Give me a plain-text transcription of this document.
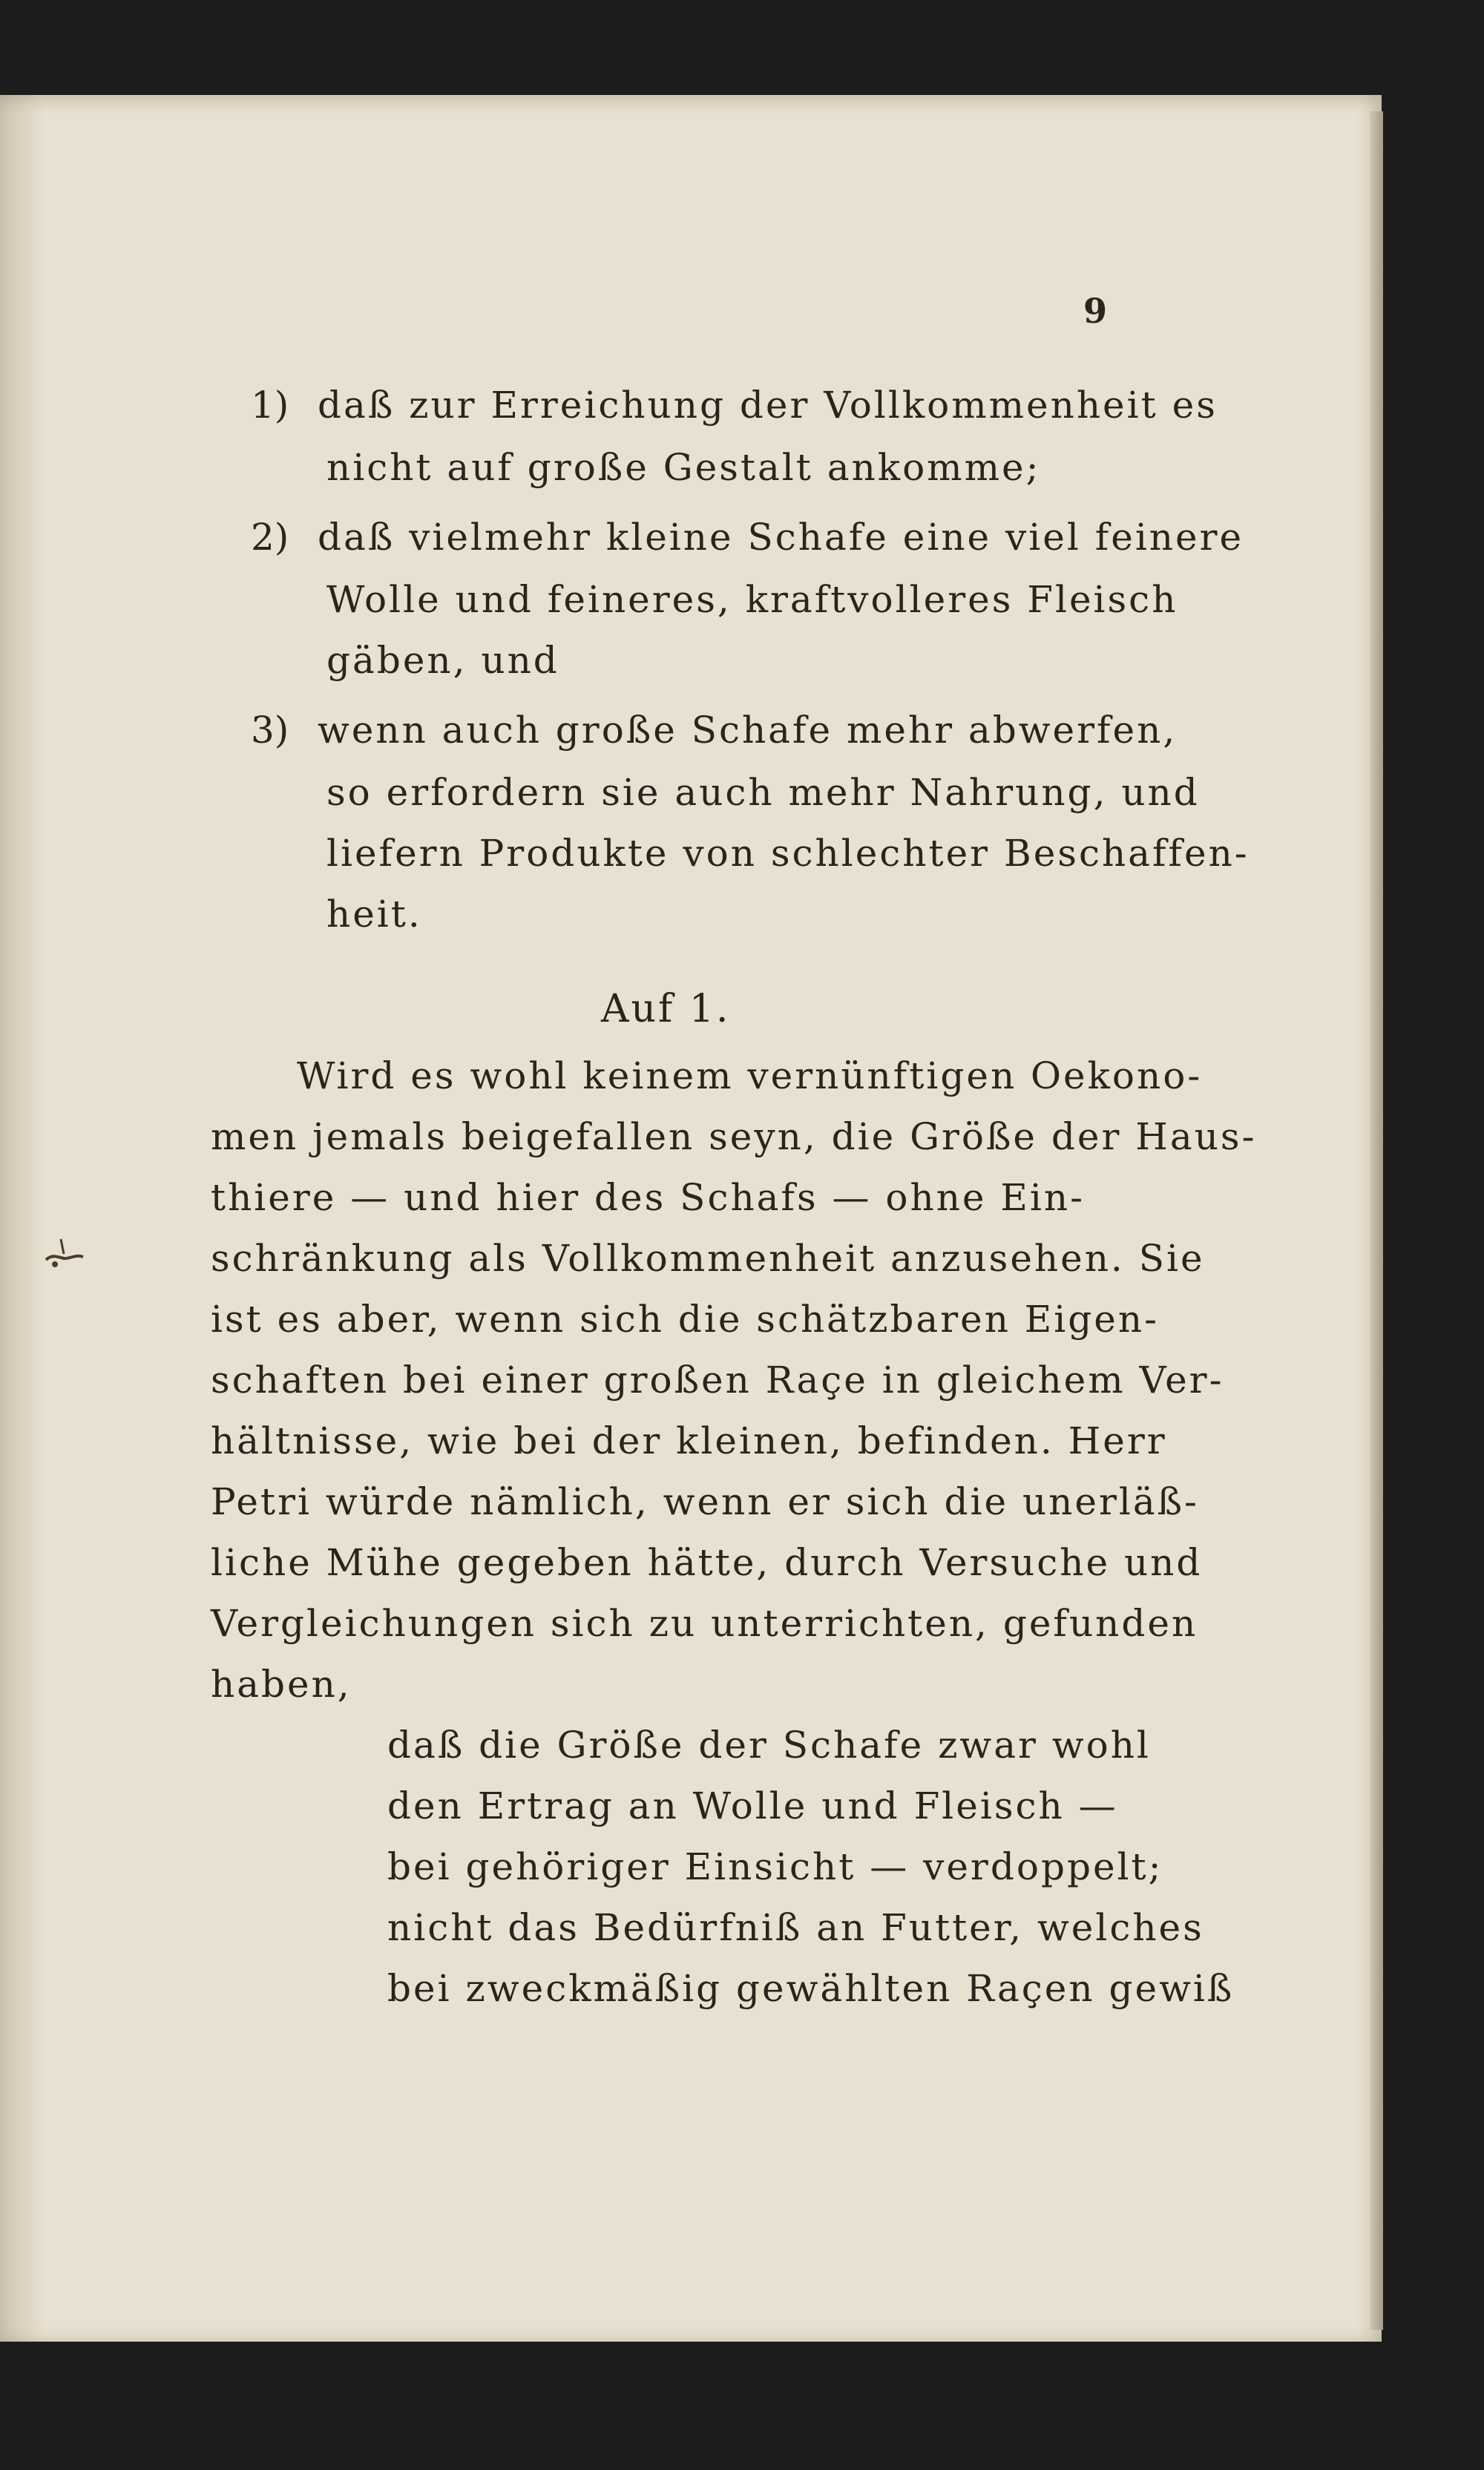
9
1) daß zur Erreichung der Vollkommenheit es
nicht auf große Gestalt ankomme;
2) daß vielmehr kleine Schafe eine viel feinere
Wolle und feineres, kraftvolleres Fleisch
gäben, und
3) wenn auch große Schafe mehr abwerfen,
so erfordern sie auch mehr Nahrung, und
liefern Produkte von schlechter Beschaffen-
heit.
Auf 1.
Wird es wohl keinem vernünftigen Oekono-
men jemals beigefallen seyn, die Größe der Haus-
thiere — und hier des Schafs — ohne Ein-
schränkung als Vollkommenheit anzusehen. Sie
ist es aber, wenn sich die schätzbaren Eigen-
schaften bei einer großen Raçe in gleichem Ver-
hältnisse, wie bei der kleinen, befinden. Herr
Petri würde nämlich, wenn er sich die unerläß-
liche Mühe gegeben hätte, durch Versuche und
Vergleichungen sich zu unterrichten, gefunden
haben,
daß die Größe der Schafe zwar wohl
den Ertrag an Wolle und Fleisch —
bei gehöriger Einsicht — verdoppelt;
nicht das Bedürfniß an Futter, welches
bei zweckmäßig gewählten Raçen gewiß
